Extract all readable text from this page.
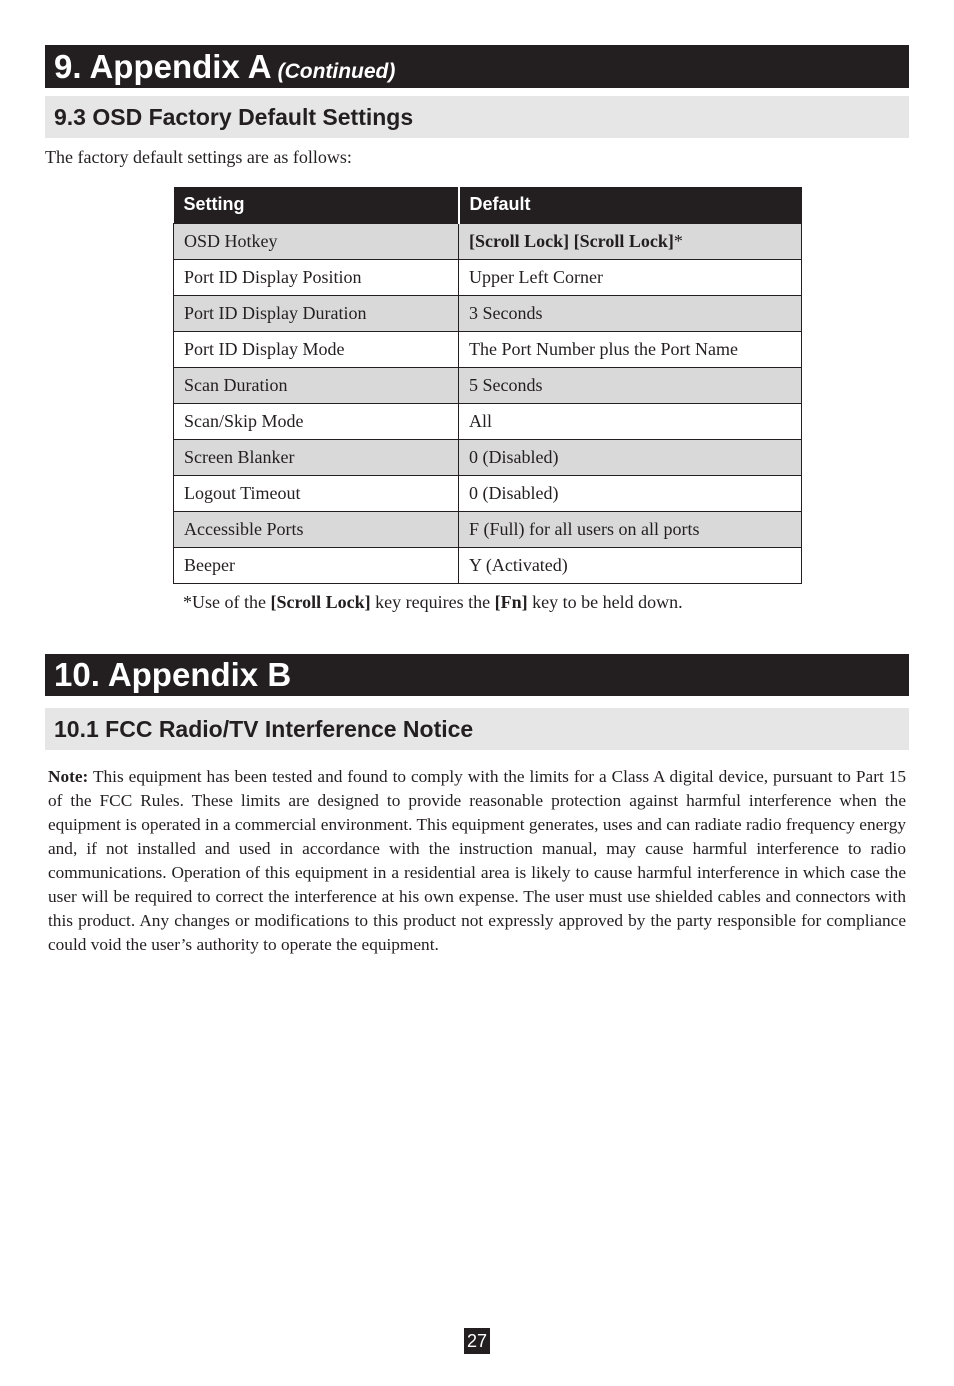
9. Appendix A (Continued)
9.3 OSD Factory Default Settings
The factory default settings are as follows:
Setting	Default
OSD Hotkey	[Scroll Lock] [Scroll Lock]*
Port ID Display Position	Upper Left Corner
Port ID Display Duration	3 Seconds
Port ID Display Mode	The Port Number plus the Port Name
Scan Duration	5 Seconds
Scan/Skip Mode	All
Screen Blanker	0 (Disabled)
Logout Timeout	0 (Disabled)
Accessible Ports	F (Full) for all users on all ports
Beeper	Y (Activated)
*Use of the [Scroll Lock] key requires the [Fn] key to be held down.
10. Appendix B
10.1 FCC Radio/TV Interference Notice

Note: This equipment has been tested and found to comply with the limits for a Class A digital device, pursuant to Part 15 of the FCC Rules. These limits are designed to provide reasonable protection against harmful interference when the equipment is operated in a commercial environment. This equipment generates, uses and can radiate radio frequency energy and, if not installed and used in accordance with the instruction manual, may cause harmful interference to radio communications. Operation of this equipment in a residential area is likely to cause harmful interference in which case the user will be required to correct the interference at his own expense. The user must use shielded cables and connectors with this product. Any changes or modifications to this product not expressly approved by the party responsible for compliance could void the user’s authority to operate the equipment.

27
